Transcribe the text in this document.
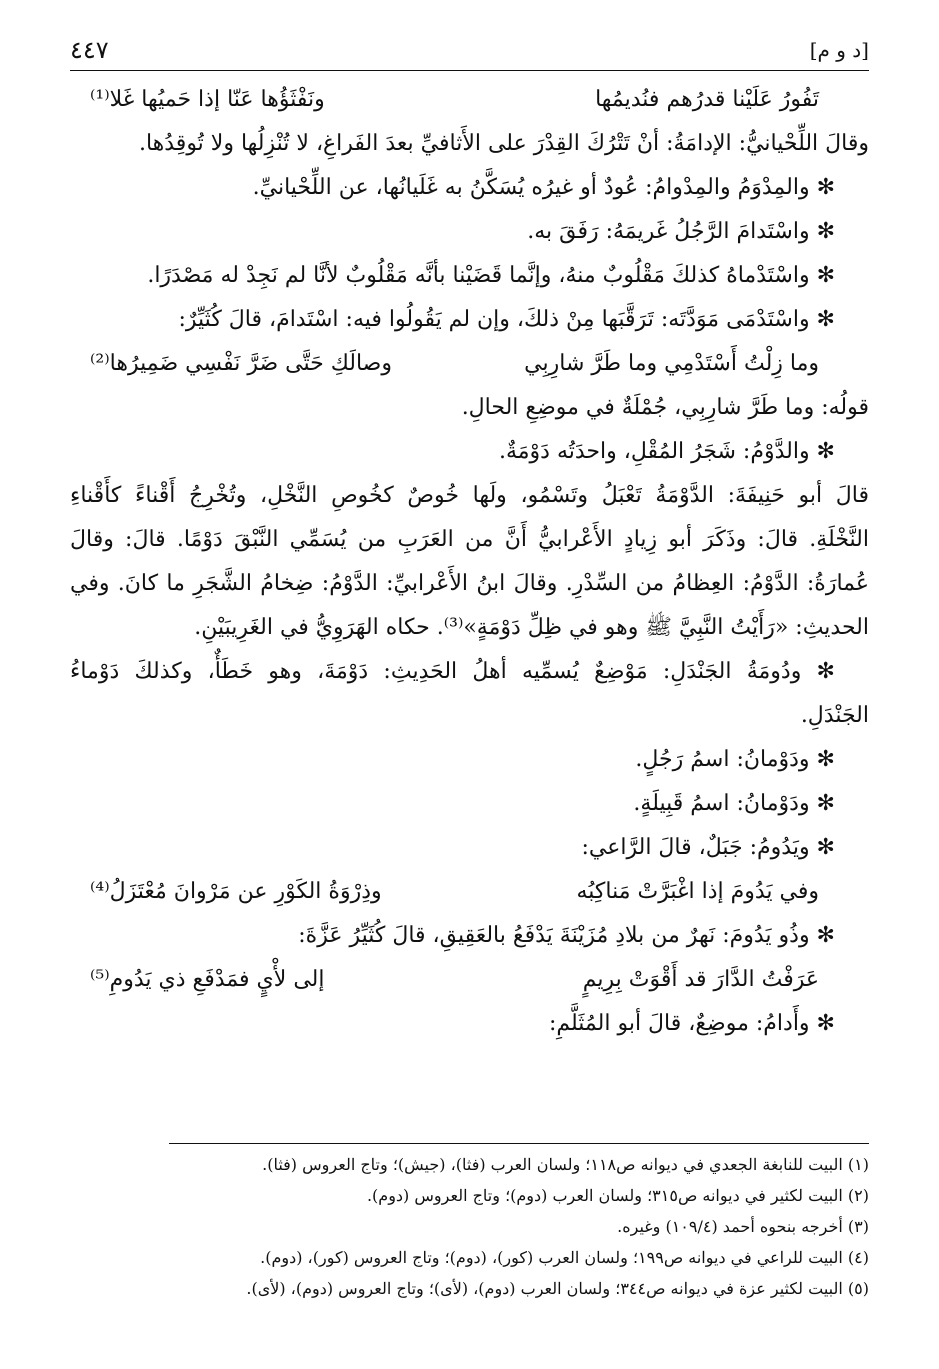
٤٤٧	[د و م]
تَفُورُ عَلَيْنا قدرُهم فنُديمُها
ونَفْثَؤُها عَنّا إذا حَميُها غَلا⁽¹⁾
وقالَ اللِّحْيانيُّ: الإدامَةُ: أنْ تَتْرُكَ القِدْرَ على الأَثافيِّ بعدَ الفَراغِ، لا تُنْزِلُها ولا تُوقِدُها.
✻ والمِدْوَمُ والمِدْوامُ: عُودٌ أو غيرُه يُسَكَّنُ به غَلَيانُها، عن اللِّحْيانيِّ.
✻ واسْتَدامَ الرَّجُلُ غَريمَهُ: رَفَقَ به.
✻ واسْتَدْماهُ كذلكَ مَقْلُوبٌ منهُ، وإنَّما قَضَيْنا بأنَّه مَقْلُوبٌ لأنَّا لم نَجِدْ له مَصْدَرًا.
✻ واسْتَدْمَى مَوَدَّتَه: تَرَقَّبَها مِنْ ذلكَ، وإن لم يَقُولُوا فيه: اسْتَدامَ، قالَ كُثَيِّرٌ:
وما زِلْتُ أَسْتَدْمِي وما طَرَّ شارِبِي
وصالَكِ حَتَّى ضَرَّ نَفْسِي ضَمِيرُها⁽²⁾
قولُه: وما طَرَّ شارِبِي، جُمْلَةٌ في موضِعِ الحالِ.
✻ والدَّوْمُ: شَجَرُ المُقْلِ، واحدَتُه دَوْمَةٌ.
قالَ أبو حَنِيفَةَ: الدَّوْمَةُ تَعْبَلُ وتَسْمُو، ولَها خُوصٌ كخُوصِ النَّخْلِ، وتُخْرِجُ أَقْناءً كأَقْناءِ
النَّخْلَةِ. قالَ: وذَكَرَ أبو زِيادٍ الأَعْرابيُّ أَنَّ من العَرَبِ من يُسَمِّي النَّبْقَ دَوْمًا. قالَ: وقالَ
عُمارَةُ: الدَّوْمُ: العِظامُ من السِّدْرِ. وقالَ ابنُ الأَعْرابيِّ: الدَّوْمُ: ضِخامُ الشَّجَرِ ما كانَ. وفي
الحديثِ: «رَأَيْتُ النَّبِيَّ ﷺ وهو في ظِلِّ دَوْمَةٍ»⁽³⁾. حكاه الهَرَوِيُّ في الغَرِيبَيْنِ.
✻ ودُومَةُ الجَنْدَلِ: مَوْضِعٌ يُسمِّيه أهلُ الحَدِيثِ: دَوْمَةَ، وهو خَطَأٌ، وكذلكَ دَوْماءُ
الجَنْدَلِ.
✻ ودَوْمانُ: اسمُ رَجُلٍ.
✻ ودَوْمانُ: اسمُ قَبِيلَةٍ.
✻ ويَدُومُ: جَبَلٌ، قالَ الرَّاعي:
وفي يَدُومَ إذا اغْبَرَّتْ مَناكِبُه
وذِرْوَةُ الكَوْرِ عن مَرْوانَ مُعْتَزَلُ⁽⁴⁾
✻ وذُو يَدُومَ: نَهرٌ من بلادِ مُزَيْنَةَ يَدْفَعُ بالعَقِيقِ، قالَ كُثَيِّرُ عَزَّةَ:
عَرَفْتُ الدَّارَ قد أَقْوَتْ بِرِيمٍ
إلى لأْيٍ فمَدْفَعِ ذي يَدُومِ⁽⁵⁾
✻ وأَدامُ: موضِعٌ، قالَ أبو المُثَلَّمِ:
(١) البيت للنابغة الجعدي في ديوانه ص١١٨؛ ولسان العرب (فثا)، (جيش)؛ وتاج العروس (فثا).
(٢) البيت لكثير في ديوانه ص٣١٥؛ ولسان العرب (دوم)؛ وتاج العروس (دوم).
(٣) أخرجه بنحوه أحمد (١٠٩/٤) وغيره.
(٤) البيت للراعي في ديوانه ص١٩٩؛ ولسان العرب (كور)، (دوم)؛ وتاج العروس (كور)، (دوم).
(٥) البيت لكثير عزة في ديوانه ص٣٤٤؛ ولسان العرب (دوم)، (لأى)؛ وتاج العروس (دوم)، (لأى).
